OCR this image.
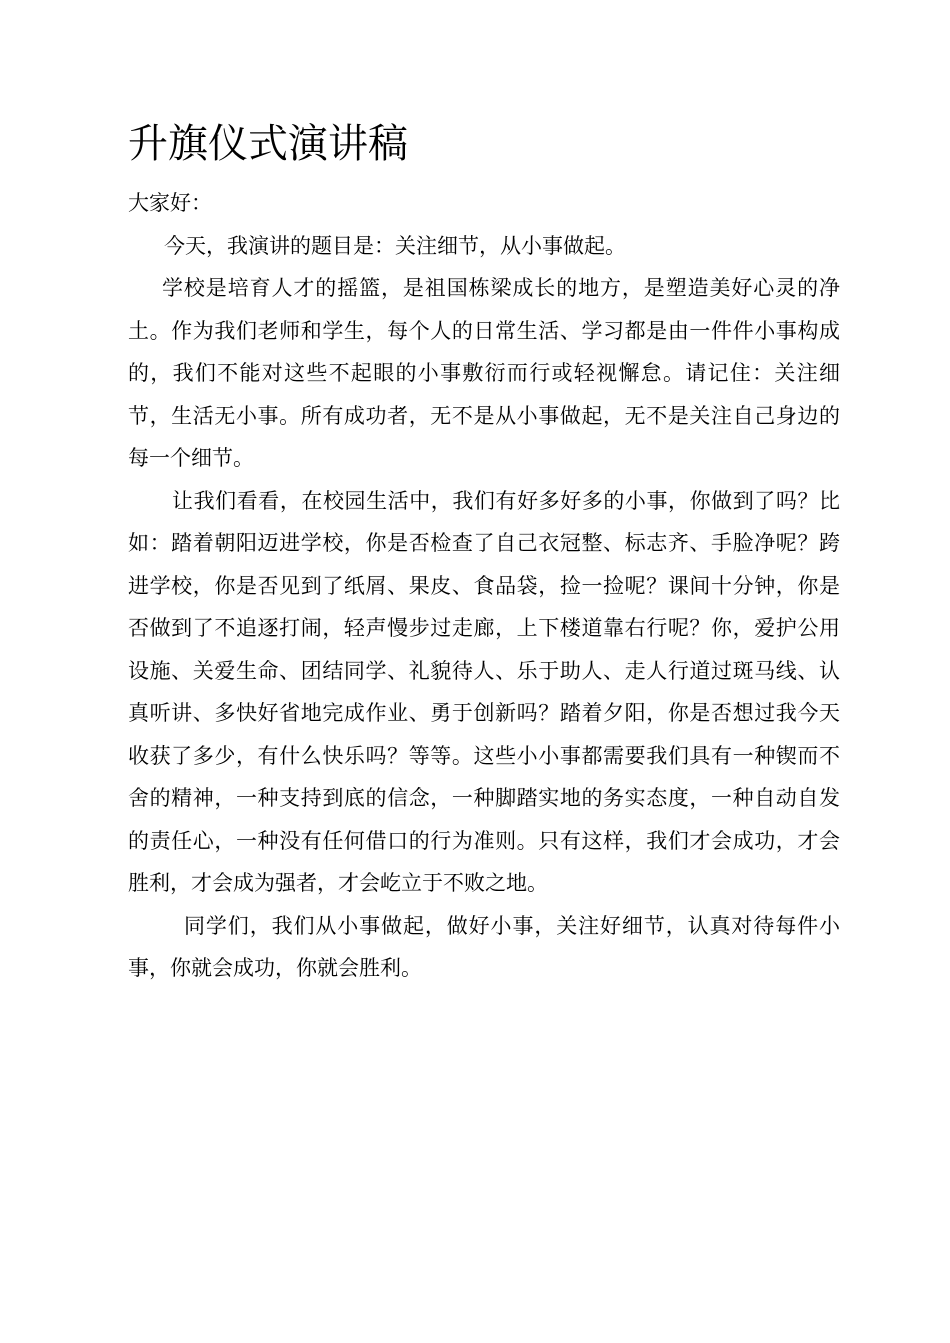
升旗仪式演讲稿

大家好：

今天，我演讲的题目是：关注细节，从小事做起。

学校是培育人才的摇篮，是祖国栋梁成长的地方，是塑造美好心灵的净土。作为我们老师和学生，每个人的日常生活、学习都是由一件件小事构成的，我们不能对这些不起眼的小事敷衍而行或轻视懈怠。请记住：关注细节，生活无小事。所有成功者，无不是从小事做起，无不是关注自己身边的每一个细节。

让我们看看，在校园生活中，我们有好多好多的小事，你做到了吗？比如：踏着朝阳迈进学校，你是否检查了自己衣冠整、标志齐、手脸净呢？跨进学校，你是否见到了纸屑、果皮、食品袋，捡一捡呢？课间十分钟，你是否做到了不追逐打闹，轻声慢步过走廊，上下楼道靠右行呢？你，爱护公用设施、关爱生命、团结同学、礼貌待人、乐于助人、走人行道过斑马线、认真听讲、多快好省地完成作业、勇于创新吗？踏着夕阳，你是否想过我今天收获了多少，有什么快乐吗？等等。这些小小事都需要我们具有一种锲而不舍的精神，一种支持到底的信念，一种脚踏实地的务实态度，一种自动自发的责任心，一种没有任何借口的行为准则。只有这样，我们才会成功，才会胜利，才会成为强者，才会屹立于不败之地。

同学们，我们从小事做起，做好小事，关注好细节，认真对待每件小事，你就会成功，你就会胜利。
